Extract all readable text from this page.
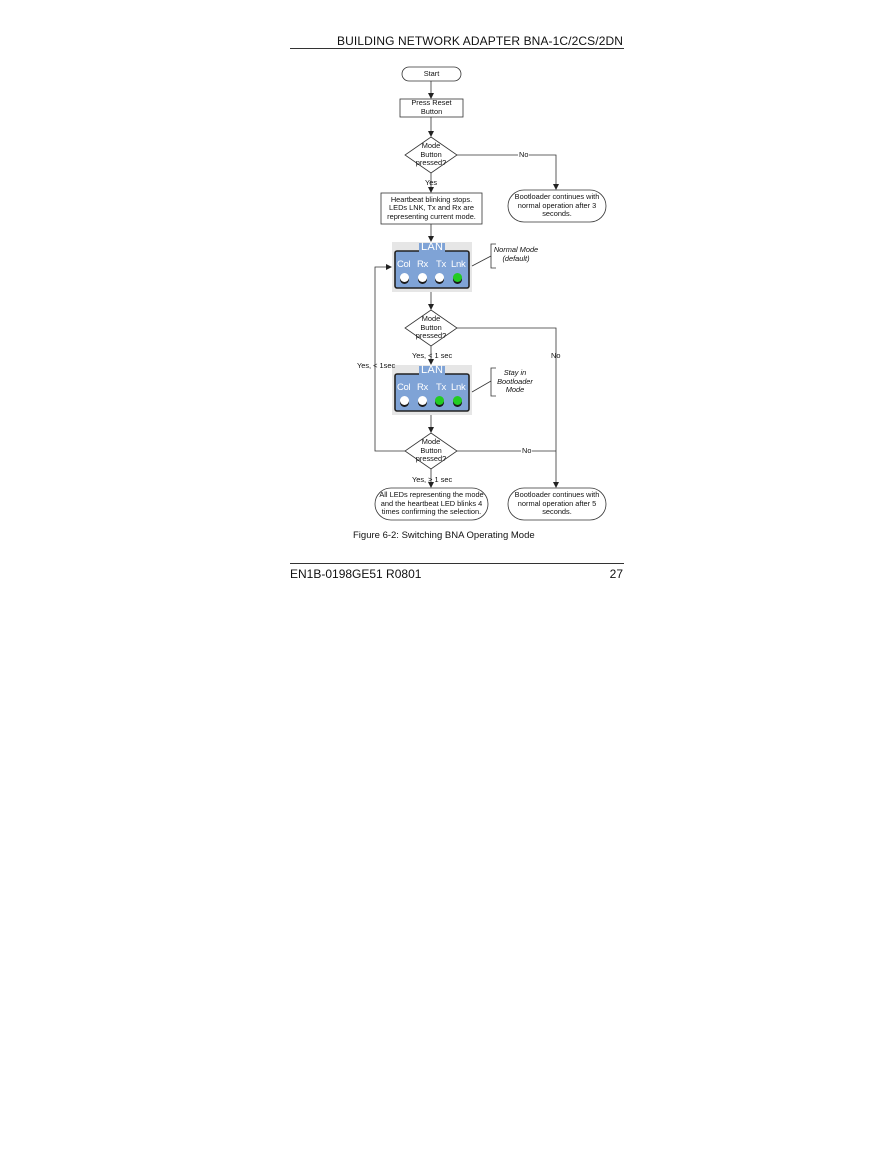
BUILDING NETWORK ADAPTER BNA-1C/2CS/2DN
Start
Press Reset
Button
Mode
Button
pressed?
Heartbeat blinking stops.
LEDs LNK, Tx and Rx are
representing current mode.
Bootloader continues with
normal operation after 3
seconds.
Mode
Button
pressed?
Mode
Button
pressed?
All LEDs representing the mode
and the heartbeat LED blinks 4
times confirming the selection.
Bootloader continues with
normal operation after 5
seconds.
No
Yes
Yes, < 1 sec	No
Yes, < 1sec
No
Yes, > 1 sec
Normal Mode
(default)
Stay in
Bootloader
Mode
LAN
Col Rx Tx Lnk
LAN
Col Rx Tx Lnk
Figure 6-2: Switching BNA Operating Mode
EN1B-0198GE51 R0801	27
